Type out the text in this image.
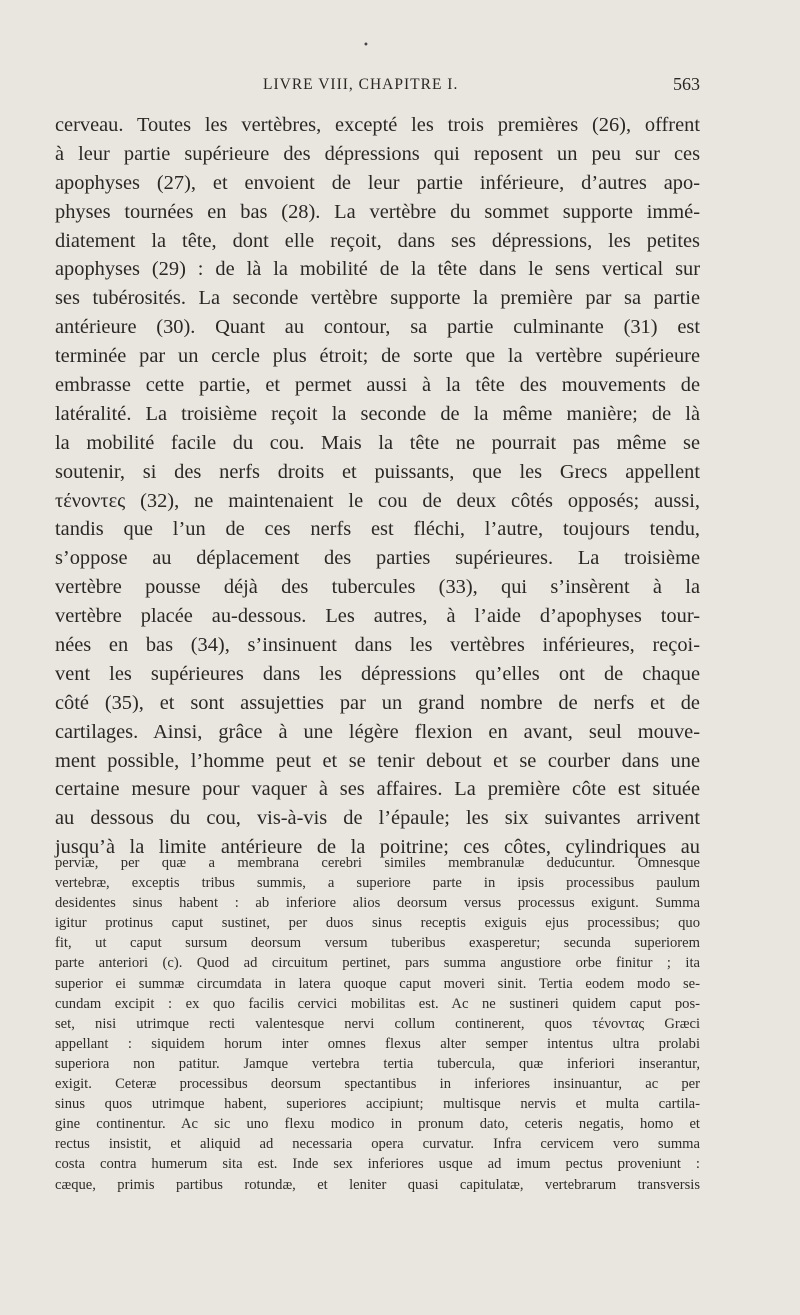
•
LIVRE VIII, CHAPITRE I.	563
cerveau. Toutes les vertèbres, excepté les trois premières (26), offrent
à leur partie supérieure des dépressions qui reposent un peu sur ces
apophyses (27), et envoient de leur partie inférieure, d’autres apo-
physes tournées en bas (28). La vertèbre du sommet supporte immé-
diatement la tête, dont elle reçoit, dans ses dépressions, les petites
apophyses (29) : de là la mobilité de la tête dans le sens vertical sur
ses tubérosités. La seconde vertèbre supporte la première par sa partie
antérieure (30). Quant au contour, sa partie culminante (31) est
terminée par un cercle plus étroit; de sorte que la vertèbre supérieure
embrasse cette partie, et permet aussi à la tête des mouvements de
latéralité. La troisième reçoit la seconde de la même manière; de là
la mobilité facile du cou. Mais la tête ne pourrait pas même se
soutenir, si des nerfs droits et puissants, que les Grecs appellent
τένοντες (32), ne maintenaient le cou de deux côtés opposés; aussi,
tandis que l’un de ces nerfs est fléchi, l’autre, toujours tendu,
s’oppose au déplacement des parties supérieures. La troisième
vertèbre pousse déjà des tubercules (33), qui s’insèrent à la
vertèbre placée au-dessous. Les autres, à l’aide d’apophyses tour-
nées en bas (34), s’insinuent dans les vertèbres inférieures, reçoi-
vent les supérieures dans les dépressions qu’elles ont de chaque
côté (35), et sont assujetties par un grand nombre de nerfs et de
cartilages. Ainsi, grâce à une légère flexion en avant, seul mouve-
ment possible, l’homme peut et se tenir debout et se courber dans une
certaine mesure pour vaquer à ses affaires. La première côte est située
au dessous du cou, vis-à-vis de l’épaule; les six suivantes arrivent
jusqu’à la limite antérieure de la poitrine; ces côtes, cylindriques au
perviæ, per quæ a membrana cerebri similes membranulæ deducuntur. Omnesque
vertebræ, exceptis tribus summis, a superiore parte in ipsis processibus paulum
desidentes sinus habent : ab inferiore alios deorsum versus processus exigunt. Summa
igitur protinus caput sustinet, per duos sinus receptis exiguis ejus processibus; quo
fit, ut caput sursum deorsum versum tuberibus exasperetur; secunda superiorem
parte anteriori (c). Quod ad circuitum pertinet, pars summa angustiore orbe finitur ; ita
superior ei summæ circumdata in latera quoque caput moveri sinit. Tertia eodem modo se-
cundam excipit : ex quo facilis cervici mobilitas est. Ac ne sustineri quidem caput pos-
set, nisi utrimque recti valentesque nervi collum continerent, quos τένοντας Græci
appellant : siquidem horum inter omnes flexus alter semper intentus ultra prolabi
superiora non patitur. Jamque vertebra tertia tubercula, quæ inferiori inserantur,
exigit. Ceteræ processibus deorsum spectantibus in inferiores insinuantur, ac per
sinus quos utrimque habent, superiores accipiunt; multisque nervis et multa cartila-
gine continentur. Ac sic uno flexu modico in pronum dato, ceteris negatis, homo et
rectus insistit, et aliquid ad necessaria opera curvatur. Infra cervicem vero summa
costa contra humerum sita est. Inde sex inferiores usque ad imum pectus proveniunt :
cæque, primis partibus rotundæ, et leniter quasi capitulatæ, vertebrarum transversis
